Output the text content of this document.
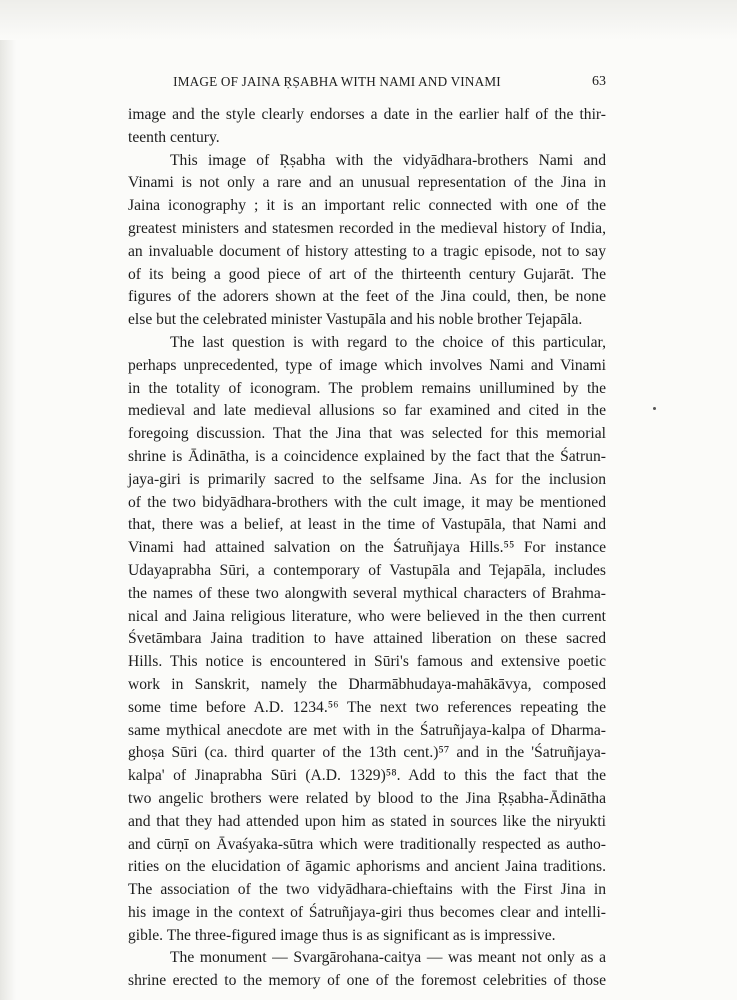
IMAGE OF JAINA ṚṢABHA WITH NAMI AND VINAMI	63

image and the style clearly endorses a date in the earlier half of the thir-

teenth century.

This image of Ṛṣabha with the vidyādhara-brothers Nami and

Vinami is not only a rare and an unusual representation of the Jina in

Jaina iconography ; it is an important relic connected with one of the

greatest ministers and statesmen recorded in the medieval history of India,

an invaluable document of history attesting to a tragic episode, not to say

of its being a good piece of art of the thirteenth century Gujarāt. The

figures of the adorers shown at the feet of the Jina could, then, be none

else but the celebrated minister Vastupāla and his noble brother Tejapāla.

The last question is with regard to the choice of this particular,

perhaps unprecedented, type of image which involves Nami and Vinami

in the totality of iconogram. The problem remains unillumined by the

medieval and late medieval allusions so far examined and cited in the

foregoing discussion. That the Jina that was selected for this memorial

shrine is Ādinātha, is a coincidence explained by the fact that the Śatrun-

jaya-giri is primarily sacred to the selfsame Jina. As for the inclusion

of the two bidyādhara-brothers with the cult image, it may be mentioned

that, there was a belief, at least in the time of Vastupāla, that Nami and

Vinami had attained salvation on the Śatruñjaya Hills.⁵⁵ For instance

Udayaprabha Sūri, a contemporary of Vastupāla and Tejapāla, includes

the names of these two alongwith several mythical characters of Brahma-

nical and Jaina religious literature, who were believed in the then current

Śvetāmbara Jaina tradition to have attained liberation on these sacred

Hills. This notice is encountered in Sūri's famous and extensive poetic

work in Sanskrit, namely the Dharmābhudaya-mahākāvya, composed

some time before A.D. 1234.⁵⁶ The next two references repeating the

same mythical anecdote are met with in the Śatruñjaya-kalpa of Dharma-

ghoṣa Sūri (ca. third quarter of the 13th cent.)⁵⁷ and in the 'Śatruñjaya-

kalpa' of Jinaprabha Sūri (A.D. 1329)⁵⁸. Add to this the fact that the

two angelic brothers were related by blood to the Jina Ṛṣabha-Ādinātha

and that they had attended upon him as stated in sources like the niryukti

and cūrṇī on Āvaśyaka-sūtra which were traditionally respected as autho-

rities on the elucidation of āgamic aphorisms and ancient Jaina traditions.

The association of the two vidyādhara-chieftains with the First Jina in

his image in the context of Śatruñjaya-giri thus becomes clear and intelli-

gible. The three-figured image thus is as significant as is impressive.

The monument — Svargārohana-caitya — was meant not only as a

shrine erected to the memory of one of the foremost celebrities of those
